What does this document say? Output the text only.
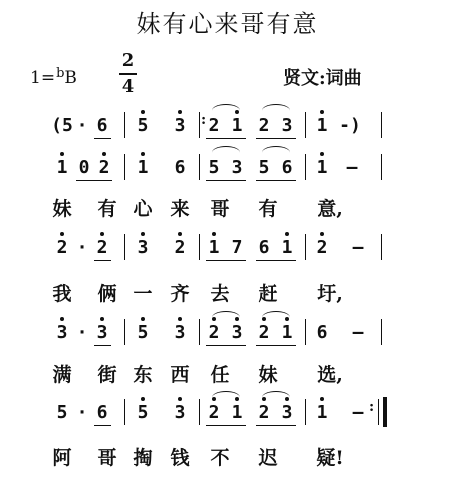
妹有心来哥有意
1=$^b$B
2
4	贤文:词曲
(5 · 6 5 3 : 2 1 2 3 1 -)
1 0 2 1 6 5 3 5 6 1	—
妹 有 心 来 哥 有 意,
2 · 2 3 2 1 7 6 1 2 –
我 俩 一 齐 去 赶 圩,
3 · 3 5 3 2 3 2 1 6 –
满 街 东 西 任 妹 选,
5 · 6 5 3 2 1 2 3 1 – :
阿 哥 掏 钱 不 迟 疑!
